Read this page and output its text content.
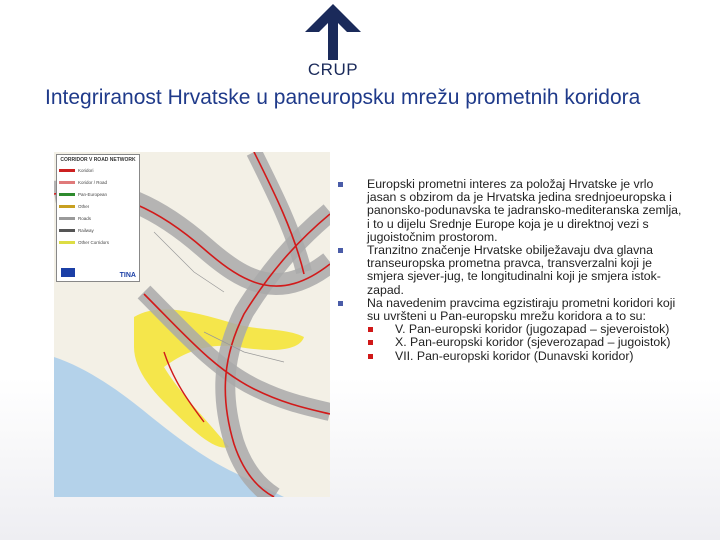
CRUP
Integriranost Hrvatske u paneuropsku mrežu prometnih koridora
CORRIDOR V ROAD NETWORK
Koridori
Koridor / Road
Pan-European
Other
Roads
Railway
Other Corridors
TINA
Europski prometni interes za položaj Hrvatske je vrlo jasan s obzirom da je Hrvatska jedina srednjoeuropska i panonsko-podunavska te jadransko-mediteranska zemlja, i to u dijelu Srednje Europe koja je u direktnoj vezi s jugoistočnim prostorom.
Tranzitno značenje Hrvatske obilježavaju dva glavna transeuropska prometna pravca, transverzalni koji je smjera sjever-jug, te longitudinalni koji je smjera istok-zapad.
Na navedenim pravcima egzistiraju prometni koridori koji su uvršteni u Pan-europsku mrežu koridora a to su:
V. Pan-europski koridor (jugozapad – sjeveroistok)
X. Pan-europski koridor (sjeverozapad – jugoistok)
VII. Pan-europski koridor (Dunavski koridor)
